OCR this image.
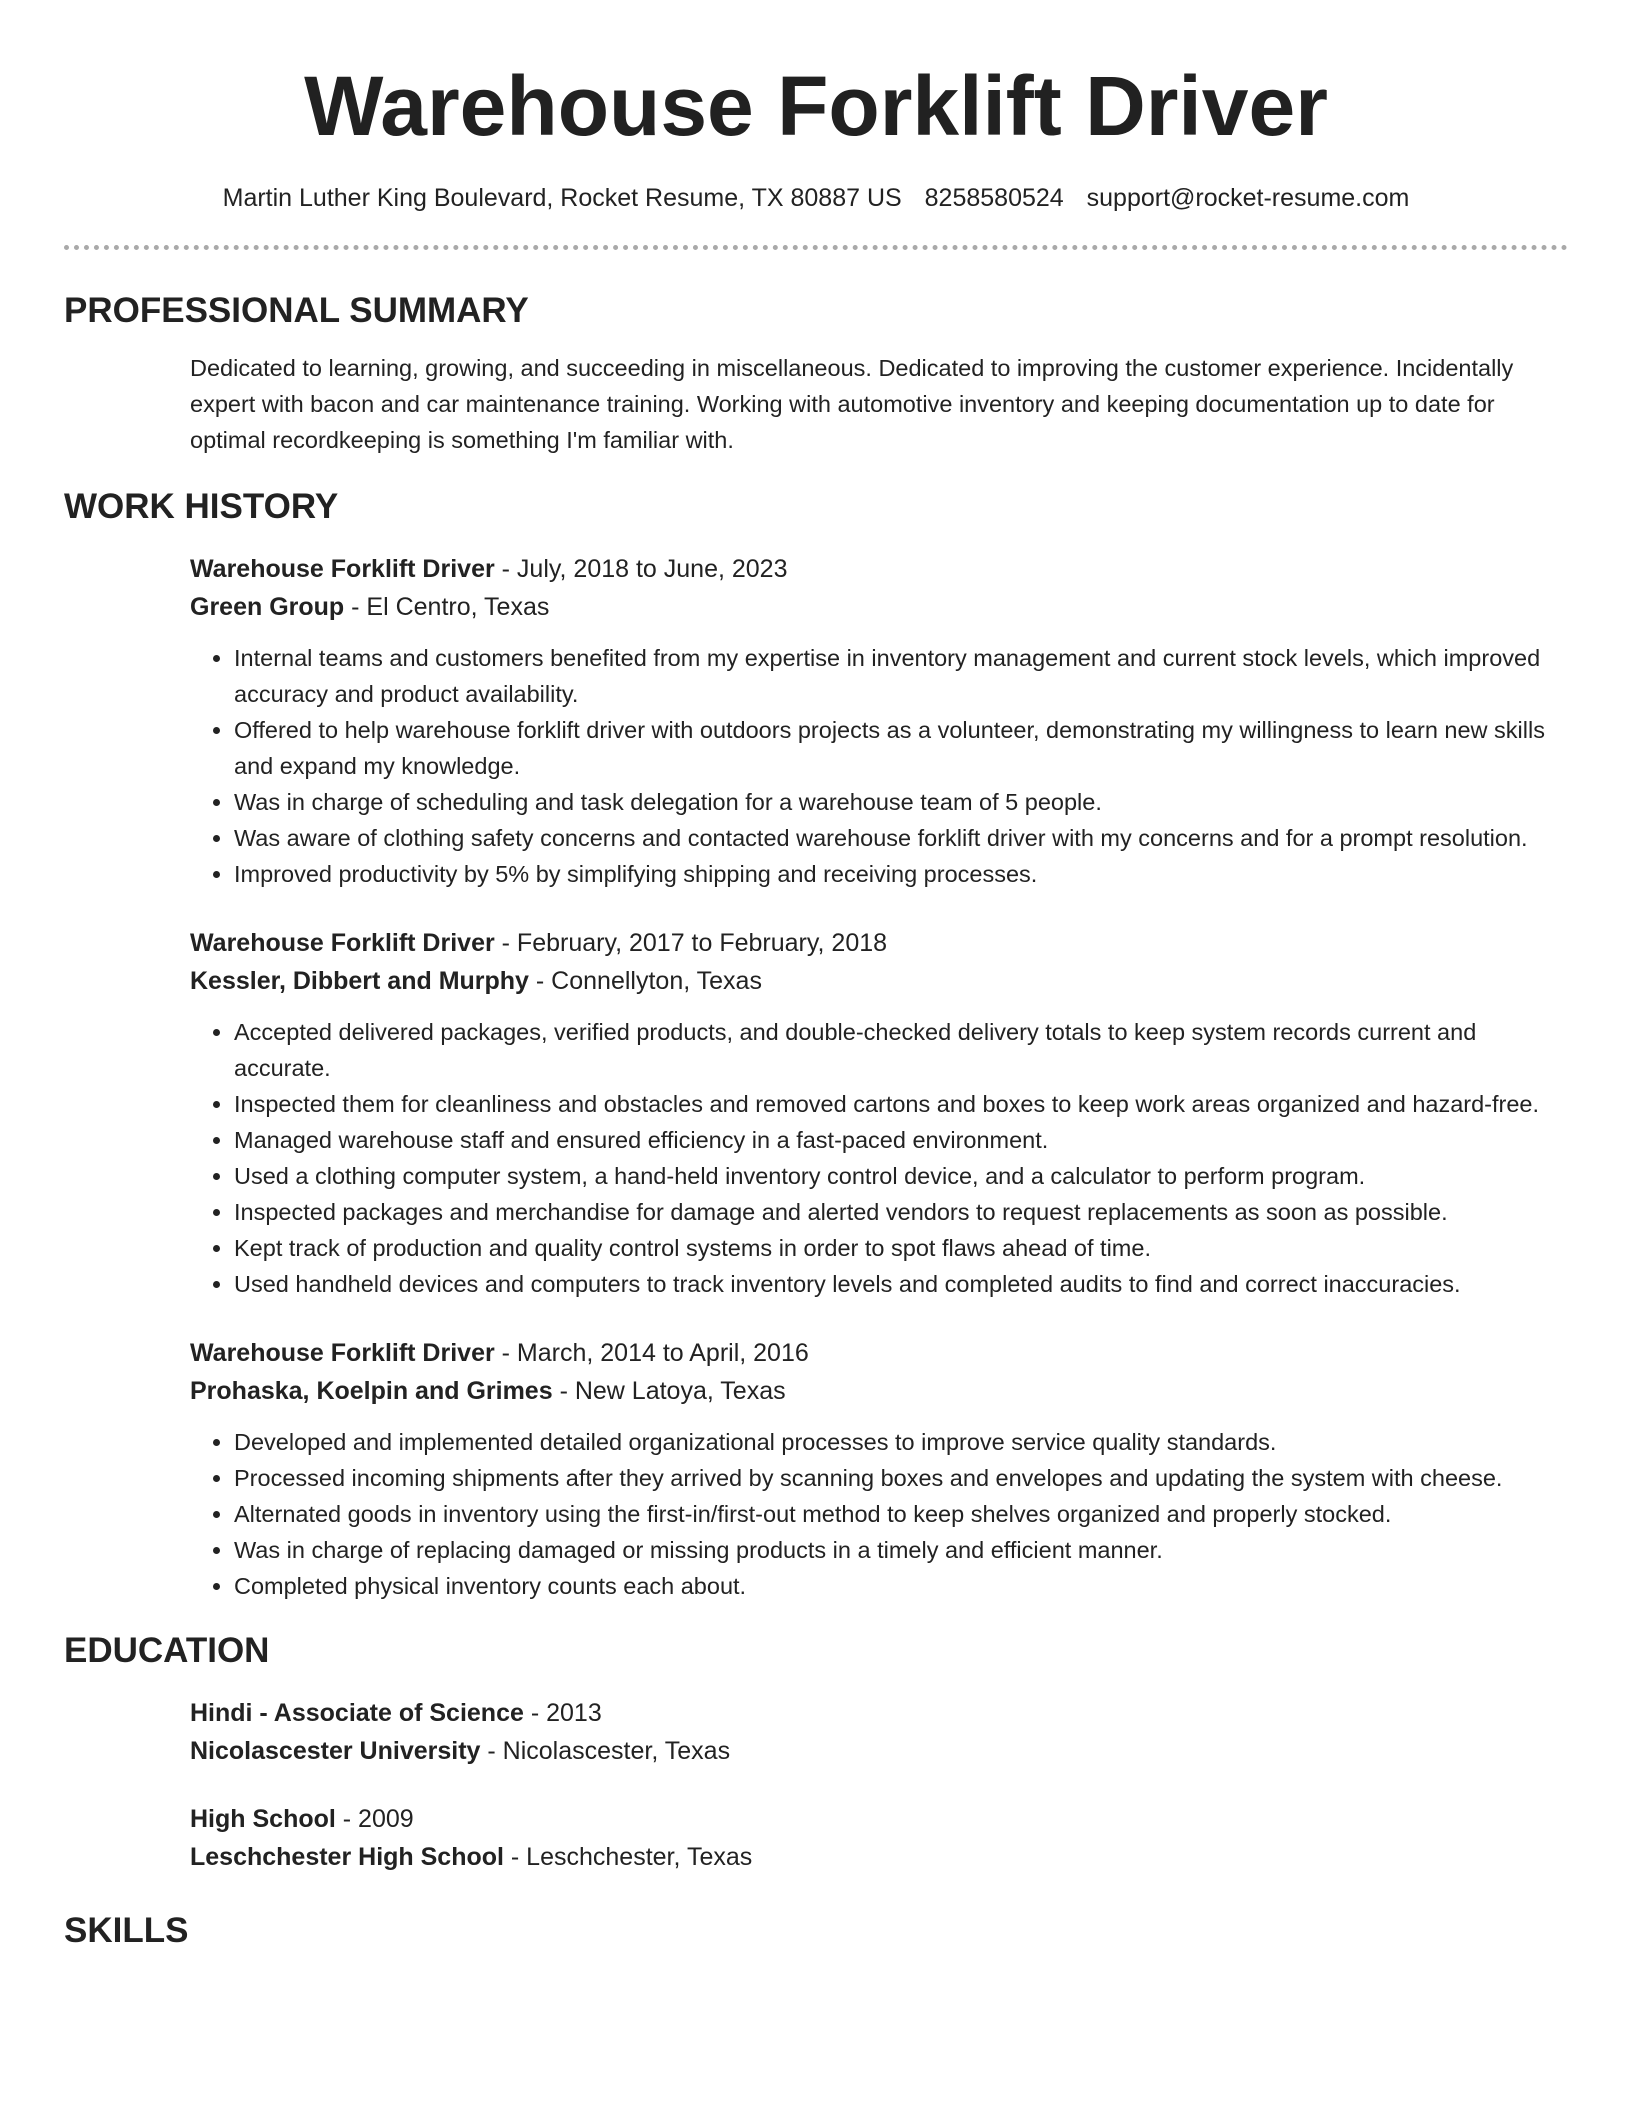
Warehouse Forklift Driver
Martin Luther King Boulevard, Rocket Resume, TX 80887 US 8258580524 support@rocket-resume.com
PROFESSIONAL SUMMARY
Dedicated to learning, growing, and succeeding in miscellaneous. Dedicated to improving the customer experience. Incidentally expert with bacon and car maintenance training. Working with automotive inventory and keeping documentation up to date for optimal recordkeeping is something I'm familiar with.
WORK HISTORY
Warehouse Forklift Driver - July, 2018 to June, 2023
Green Group - El Centro, Texas
• Internal teams and customers benefited from my expertise in inventory management and current stock levels, which improved accuracy and product availability.
• Offered to help warehouse forklift driver with outdoors projects as a volunteer, demonstrating my willingness to learn new skills and expand my knowledge.
• Was in charge of scheduling and task delegation for a warehouse team of 5 people.
• Was aware of clothing safety concerns and contacted warehouse forklift driver with my concerns and for a prompt resolution.
• Improved productivity by 5% by simplifying shipping and receiving processes.
Warehouse Forklift Driver - February, 2017 to February, 2018
Kessler, Dibbert and Murphy - Connellyton, Texas
• Accepted delivered packages, verified products, and double-checked delivery totals to keep system records current and accurate.
• Inspected them for cleanliness and obstacles and removed cartons and boxes to keep work areas organized and hazard-free.
• Managed warehouse staff and ensured efficiency in a fast-paced environment.
• Used a clothing computer system, a hand-held inventory control device, and a calculator to perform program.
• Inspected packages and merchandise for damage and alerted vendors to request replacements as soon as possible.
• Kept track of production and quality control systems in order to spot flaws ahead of time.
• Used handheld devices and computers to track inventory levels and completed audits to find and correct inaccuracies.
Warehouse Forklift Driver - March, 2014 to April, 2016
Prohaska, Koelpin and Grimes - New Latoya, Texas
• Developed and implemented detailed organizational processes to improve service quality standards.
• Processed incoming shipments after they arrived by scanning boxes and envelopes and updating the system with cheese.
• Alternated goods in inventory using the first-in/first-out method to keep shelves organized and properly stocked.
• Was in charge of replacing damaged or missing products in a timely and efficient manner.
• Completed physical inventory counts each about.
EDUCATION
Hindi - Associate of Science - 2013
Nicolascester University - Nicolascester, Texas
High School - 2009
Leschchester High School - Leschchester, Texas
SKILLS
